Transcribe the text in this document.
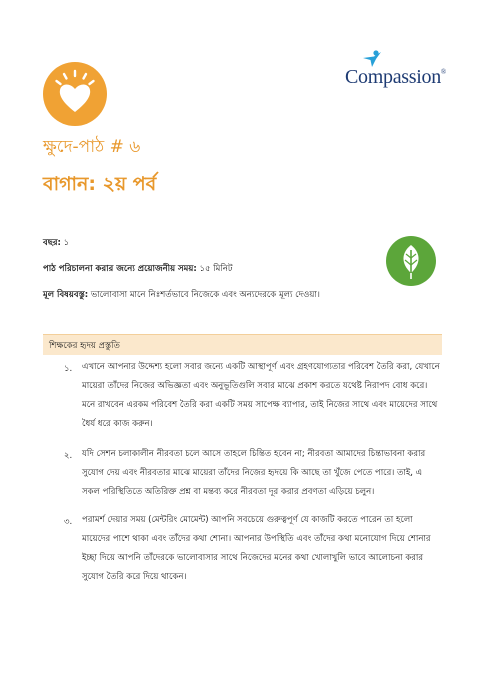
Compassion®
ক্ষুদে-পাঠ # ৬
বাগান: ২য় পর্ব
বছর: ১
পাঠ পরিচালনা করার জন্যে প্রয়োজনীয় সময়: ১৫ মিনিট
মূল বিষয়বস্তু: ভালোবাসা মানে নিঃশর্তভাবে নিজেকে এবং অন্যদেরকে মূল্য দেওয়া।
শিক্ষকের হৃদয় প্রস্তুতি
১. এখানে আপনার উদ্দেশ্য হলো সবার জন্যে একটি আস্থাপূর্ণ এবং গ্রহণযোগ্যতার পরিবেশ তৈরি করা, যেখানে মায়েরা তাঁদের নিজের অভিজ্ঞতা এবং অনুভূতিগুলি সবার মাঝে প্রকাশ করতে যথেষ্ট নিরাপদ বোধ করে। মনে রাখবেন এরকম পরিবেশ তৈরি করা একটি সময় সাপেক্ষ ব্যাপার, তাই নিজের সাথে এবং মায়েদের সাথে ধৈর্য ধরে কাজ করুন।
২. যদি সেশন চলাকালীন নীরবতা চলে আসে তাহলে চিন্তিত হবেন না; নীরবতা আমাদের চিন্তাভাবনা করার সুযোগ দেয় এবং নীরবতার মাঝে মায়েরা তাঁদের নিজের হৃদয়ে কি আছে তা খুঁজে পেতে পারে। তাই, এ সকল পরিস্থিতিতে অতিরিক্ত প্রশ্ন বা মন্তব্য করে নীরবতা দূর করার প্রবণতা এড়িয়ে চলুন।
৩. পরামর্শ দেয়ার সময় (মেন্টরিং মোমেন্ট) আপনি সবচেয়ে গুরুত্বপূর্ণ যে কাজটি করতে পারেন তা হলো মায়েদের পাশে থাকা এবং তাঁদের কথা শোনা। আপনার উপস্থিতি এবং তাঁদের কথা মনোযোগ দিয়ে শোনার ইচ্ছা দিয়ে আপনি তাঁদেরকে ভালোবাসার সাথে নিজেদের মনের কথা খোলাখুলি ভাবে আলোচনা করার সুযোগ তৈরি করে দিয়ে থাকেন।
